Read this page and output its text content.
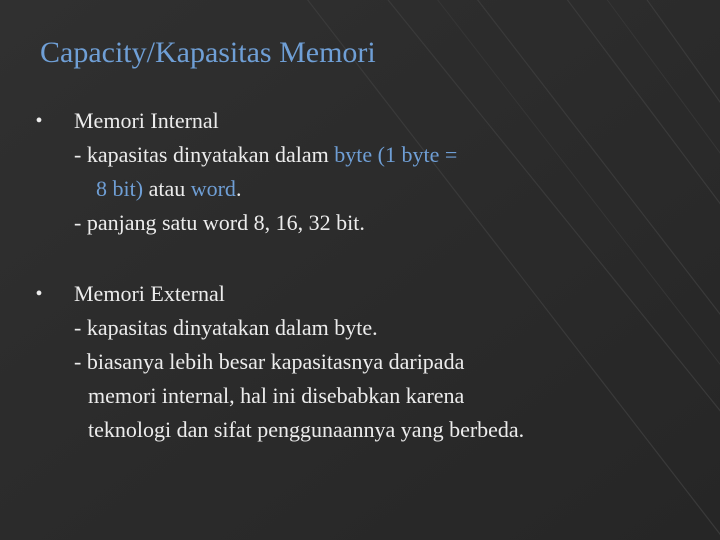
Capacity/Kapasitas Memori
• Memori Internal
- kapasitas dinyatakan dalam byte (1 byte =
8 bit) atau word.
- panjang satu word 8, 16, 32 bit.
• Memori External
- kapasitas dinyatakan dalam byte.
- biasanya lebih besar kapasitasnya daripada
memori internal, hal ini disebabkan karena
teknologi dan sifat penggunaannya yang berbeda.
